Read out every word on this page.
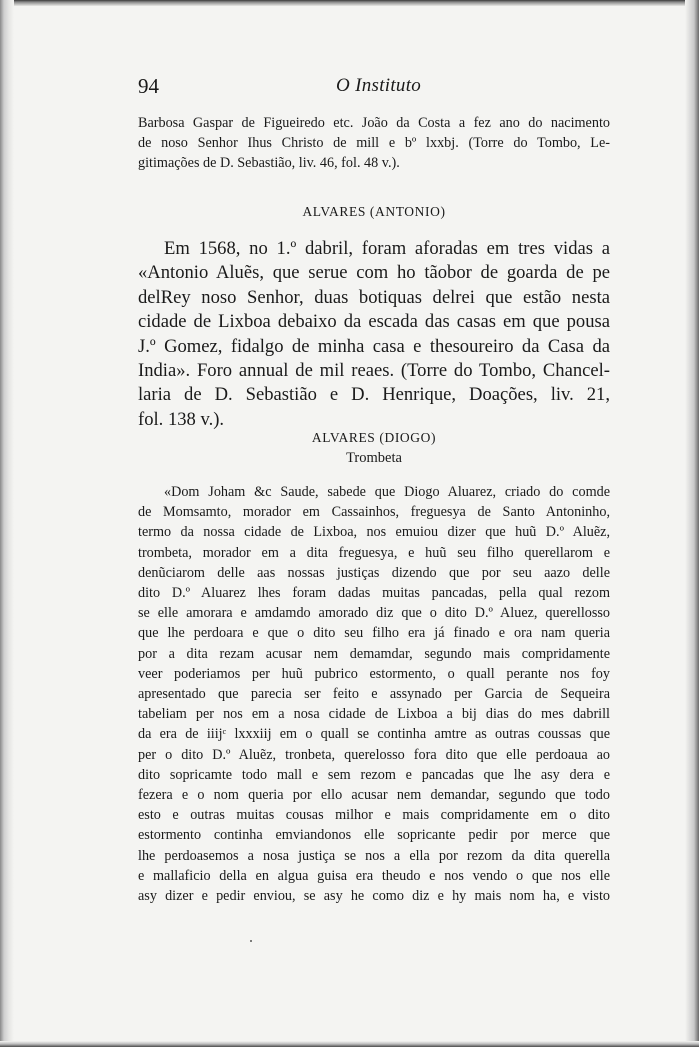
94	O Instituto
Barbosa Gaspar de Figueiredo etc. João da Costa a fez ano do nacimento
de noso Senhor Ihus Christo de mill e bº lxxbj. (Torre do Tombo, Le-
gitimações de D. Sebastião, liv. 46, fol. 48 v.).
ALVARES (ANTONIO)
Em 1568, no 1.º dabril, foram aforadas em tres vidas a
«Antonio Aluẽs, que serue com ho tãobor de goarda de pe
delRey noso Senhor, duas botiquas delrei que estão nesta
cidade de Lixboa debaixo da escada das casas em que pousa
J.º Gomez, fidalgo de minha casa e thesoureiro da Casa da
India». Foro annual de mil reaes. (Torre do Tombo, Chancel-
laria de D. Sebastião e D. Henrique, Doações, liv. 21,
fol. 138 v.).
ALVARES (DIOGO)
Trombeta
«Dom Joham &c Saude, sabede que Diogo Aluarez, criado do comde
de Momsamto, morador em Cassainhos, freguesya de Santo Antoninho,
termo da nossa cidade de Lixboa, nos emuiou dizer que huũ D.º Aluẽz,
trombeta, morador em a dita freguesya, e huũ seu filho querellarom e
denũciarom delle aas nossas justiças dizendo que por seu aazo delle
dito D.º Aluarez lhes foram dadas muitas pancadas, pella qual rezom
se elle amorara e amdamdo amorado diz que o dito D.º Aluez, querellosso
que lhe perdoara e que o dito seu filho era já finado e ora nam queria
por a dita rezam acusar nem demamdar, segundo mais compridamente
veer poderiamos per huũ pubrico estormento, o quall perante nos foy
apresentado que parecia ser feito e assynado per Garcia de Sequeira
tabeliam per nos em a nosa cidade de Lixboa a bij dias do mes dabrill
da era de iiijᶜ lxxxiij em o quall se continha amtre as outras coussas que
per o dito D.º Aluẽz, tronbeta, querelosso fora dito que elle perdoaua ao
dito sopricamte todo mall e sem rezom e pancadas que lhe asy dera e
fezera e o nom queria por ello acusar nem demandar, segundo que todo
esto e outras muitas cousas milhor e mais compridamente em o dito
estormento continha emviandonos elle sopricante pedir por merce que
lhe perdoasemos a nosa justiça se nos a ella por rezom da dita querella
e mallaficio della en algua guisa era theudo e nos vendo o que nos elle
asy dizer e pedir enviou, se asy he como diz e hy mais nom ha, e visto
